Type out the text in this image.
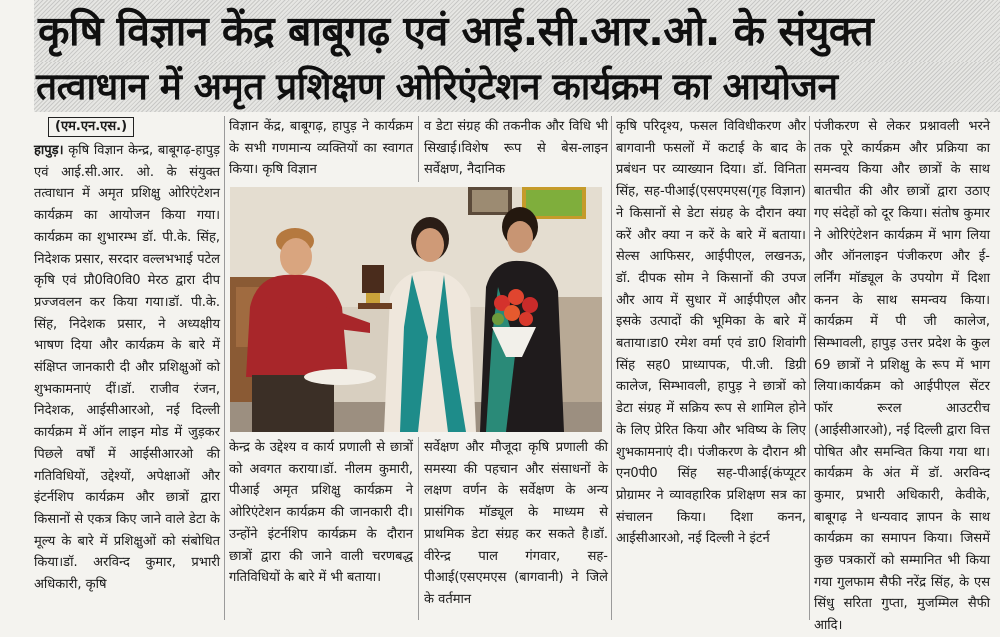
कृषि विज्ञान केंद्र बाबूगढ़ एवं आई.सी.आर.ओ. के संयुक्त
तत्वाधान में अमृत प्रशिक्षण ओरिएंटेशन कार्यक्रम का आयोजन
(एम.एन.एस.)
हापुड़। कृषि विज्ञान केन्द्र, बाबूगढ़-हापुड़ एवं आई.सी.आर. ओ. के संयुक्त तत्वाधान में अमृत प्रशिक्षु ओरिएंटेशन कार्यक्रम का आयोजन किया गया।कार्यक्रम का शुभारम्भ डॉ. पी.के. सिंह, निदेशक प्रसार, सरदार वल्लभभाई पटेल कृषि एवं प्रौ0वि0वि0 मेरठ द्वारा दीप प्रज्जवलन कर किया गया।डॉ. पी.के. सिंह, निदेशक प्रसार, ने अध्यक्षीय भाषण दिया और कार्यक्रम के बारे में संक्षिप्त जानकारी दी और प्रशिक्षुओं को शुभकामनाएं दीं।डॉ. राजीव रंजन, निदेशक, आईसीआरओ, नई दिल्ली कार्यक्रम में ऑन लाइन मोड में जुड़कर पिछले वर्षों में आईसीआरओ की गतिविधियों, उद्देश्यों, अपेक्षाओं और इंटर्नशिप कार्यक्रम और छात्रों द्वारा किसानों से एकत्र किए जाने वाले डेटा के मूल्य के बारे में प्रशिक्षुओं को संबोधित किया।डॉ. अरविन्द कुमार, प्रभारी अधिकारी, कृषि
विज्ञान केंद्र, बाबूगढ़, हापुड़ ने कार्यक्रम के सभी गणमान्य व्यक्तियों का स्वागत किया। कृषि विज्ञान
व डेटा संग्रह की तकनीक और विधि भी सिखाई।विशेष रूप से बेस-लाइन सर्वेक्षण, नैदानिक
केन्द्र के उद्देश्य व कार्य प्रणाली से छात्रों को अवगत कराया।डॉ. नीलम कुमारी, पीआई अमृत प्रशिक्षु कार्यक्रम ने ओरिएंटेशन कार्यक्रम की जानकारी दी।उन्होंने इंटर्नशिप कार्यक्रम के दौरान छात्रों द्वारा की जाने वाली चरणबद्ध गतिविधियों के बारे में भी बताया।
सर्वेक्षण और मौजूदा कृषि प्रणाली की समस्या की पहचान और संसाधनों के लक्षण वर्णन के सर्वेक्षण के अन्य प्रासंगिक मॉड्यूल के माध्यम से प्राथमिक डेटा संग्रह कर सकते है।डॉ. वीरेन्द्र पाल गंगवार, सह-पीआई(एसएमएस (बागवानी) ने जिले के वर्तमान
कृषि परिदृश्य, फसल विविधीकरण और बागवानी फसलों में कटाई के बाद के प्रबंधन पर व्याख्यान दिया। डॉ. विनिता सिंह, सह-पीआई(एसएमएस(गृह विज्ञान) ने किसानों से डेटा संग्रह के दौरान क्या करें और क्या न करें के बारे में बताया।सेल्स आफिसर, आईपीएल, लखनऊ, डॉ. दीपक सोम ने किसानों की उपज और आय में सुधार में आईपीएल और इसके उत्पादों की भूमिका के बारे में बताया।डा0 रमेश वर्मा एवं डा0 शिवांगी सिंह सह0 प्राध्यापक, पी.जी. डिग्री कालेज, सिम्भावली, हापुड़ ने छात्रों को डेटा संग्रह में सक्रिय रूप से शामिल होने के लिए प्रेरित किया और भविष्य के लिए शुभकामनाएं दी। पंजीकरण के दौरान श्री एन0पी0 सिंह सह-पीआई(कंप्यूटर प्रोग्रामर ने व्यावहारिक प्रशिक्षण सत्र का संचालन किया। दिशा कनन, आईसीआरओ, नई दिल्ली ने इंटर्न
पंजीकरण से लेकर प्रश्नावली भरने तक पूरे कार्यक्रम और प्रक्रिया का समन्वय किया और छात्रों के साथ बातचीत की और छात्रों द्वारा उठाए गए संदेहों को दूर किया। संतोष कुमार ने ओरिएंटेशन कार्यक्रम में भाग लिया और ऑनलाइन पंजीकरण और ई-लर्निंग मॉड्यूल के उपयोग में दिशा कनन के साथ समन्वय किया। कार्यक्रम में पी जी कालेज, सिम्भावली, हापुड़ उत्तर प्रदेश के कुल 69 छात्रों ने प्रशिक्षु के रूप में भाग लिया।कार्यक्रम को आईपीएल सेंटर फॉर रूरल आउटरीच (आईसीआरओ), नई दिल्ली द्वारा वित्त पोषित और समन्वित किया गया था। कार्यक्रम के अंत में डॉ. अरविन्द कुमार, प्रभारी अधिकारी, केवीके, बाबूगढ़ ने धन्यवाद ज्ञापन के साथ कार्यक्रम का समापन किया। जिसमें कुछ पत्रकारों को सम्मानित भी किया गया गुलफाम सैफी नरेंद्र सिंह, के एस सिंधु सरिता गुप्ता, मुजम्मिल सैफी आदि।
